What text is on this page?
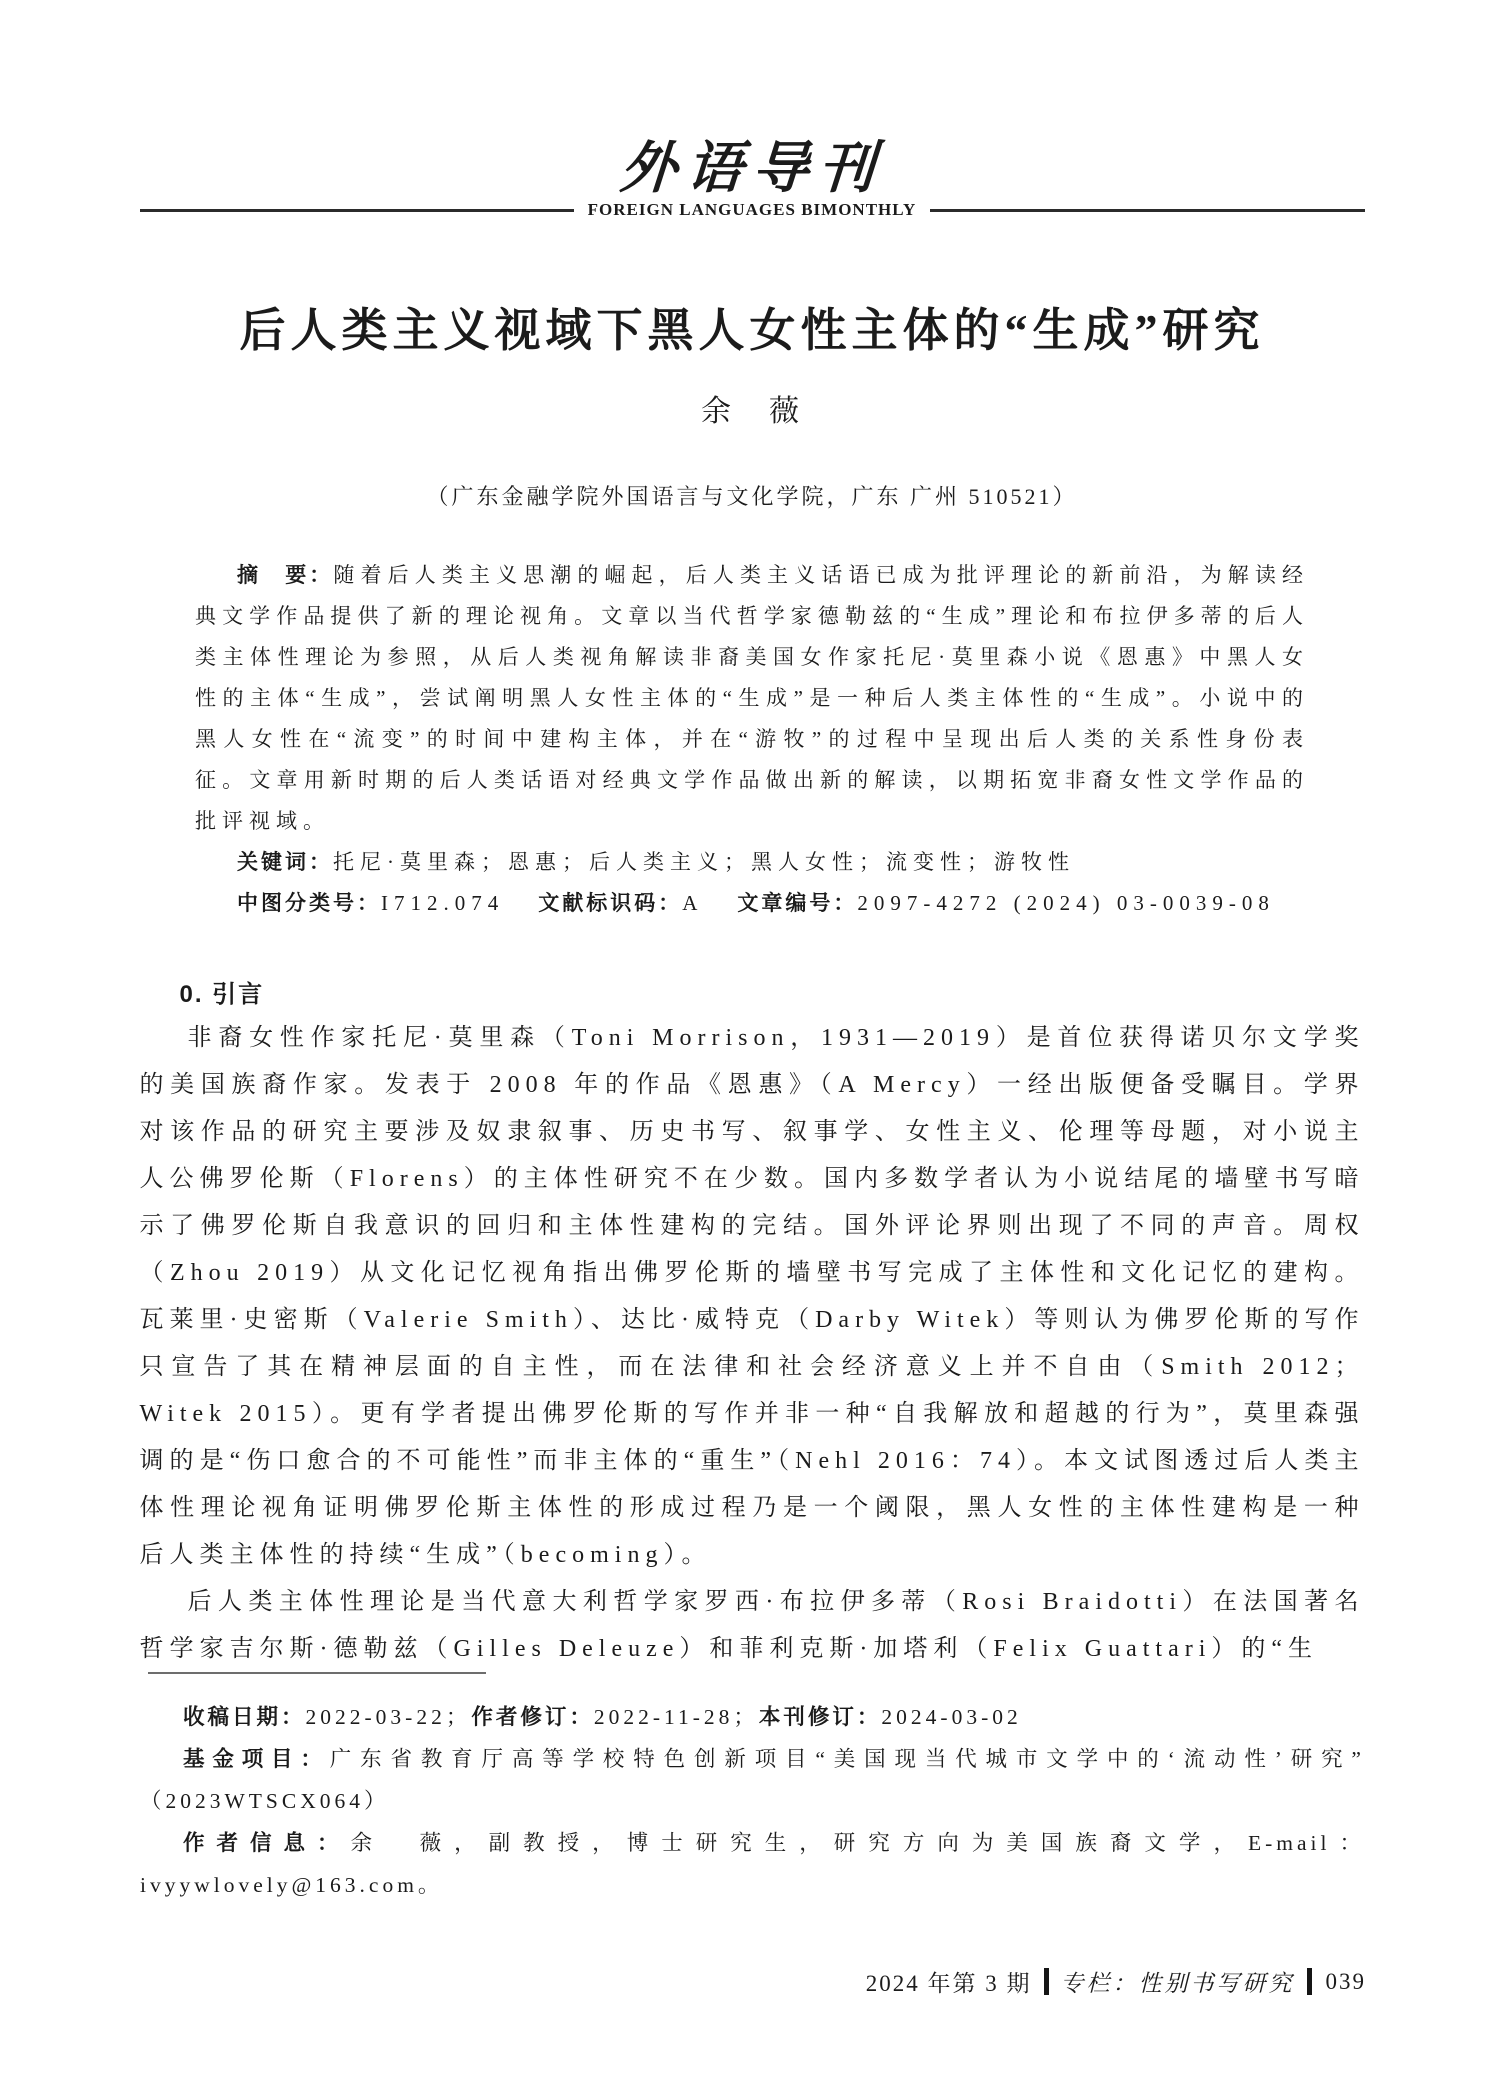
外语导刊
FOREIGN LANGUAGES BIMONTHLY
后人类主义视域下黑人女性主体的“生成”研究
余　薇
（广东金融学院外国语言与文化学院，广东 广州 510521）

摘　要：随着后人类主义思潮的崛起，后人类主义话语已成为批评理论的新前沿，为解读经典文学作品提供了新的理论视角。文章以当代哲学家德勒兹的“生成”理论和布拉伊多蒂的后人类主体性理论为参照，从后人类视角解读非裔美国女作家托尼·莫里森小说《恩惠》中黑人女性的主体“生成”，尝试阐明黑人女性主体的“生成”是一种后人类主体性的“生成”。小说中的黑人女性在“流变”的时间中建构主体，并在“游牧”的过程中呈现出后人类的关系性身份表征。文章用新时期的后人类话语对经典文学作品做出新的解读，以期拓宽非裔女性文学作品的批评视域。

关键词：托尼·莫里森；恩惠；后人类主义；黑人女性；流变性；游牧性

中图分类号：I712.074 文献标识码：A 文章编号：2097-4272 (2024) 03-0039-08

0. 引言

非裔女性作家托尼·莫里森（Toni Morrison，1931—2019）是首位获得诺贝尔文学奖的美国族裔作家。发表于 2008 年的作品《恩惠》（A Mercy）一经出版便备受瞩目。学界对该作品的研究主要涉及奴隶叙事、历史书写、叙事学、女性主义、伦理等母题，对小说主人公佛罗伦斯（Florens）的主体性研究不在少数。国内多数学者认为小说结尾的墙壁书写暗示了佛罗伦斯自我意识的回归和主体性建构的完结。国外评论界则出现了不同的声音。周权（Zhou 2019）从文化记忆视角指出佛罗伦斯的墙壁书写完成了主体性和文化记忆的建构。瓦莱里·史密斯（Valerie Smith）、达比·威特克（Darby Witek）等则认为佛罗伦斯的写作只宣告了其在精神层面的自主性，而在法律和社会经济意义上并不自由（Smith 2012；Witek 2015）。更有学者提出佛罗伦斯的写作并非一种“自我解放和超越的行为”，莫里森强调的是“伤口愈合的不可能性”而非主体的“重生”（Nehl 2016：74）。本文试图透过后人类主体性理论视角证明佛罗伦斯主体性的形成过程乃是一个阈限，黑人女性的主体性建构是一种后人类主体性的持续“生成”（becoming）。

后人类主体性理论是当代意大利哲学家罗西·布拉伊多蒂（Rosi Braidotti）在法国著名哲学家吉尔斯·德勒兹（Gilles Deleuze）和菲利克斯·加塔利（Felix Guattari）的“生

收稿日期：2022-03-22；作者修订：2022-11-28；本刊修订：2024-03-02

基金项目：广东省教育厅高等学校特色创新项目“美国现当代城市文学中的‘流动性’研究”（2023WTSCX064）

作者信息：余　薇，副教授，博士研究生，研究方向为美国族裔文学，E-mail：ivyywlovely@163.com。

2024 年第 3 期 专栏：性别书写研究 039
